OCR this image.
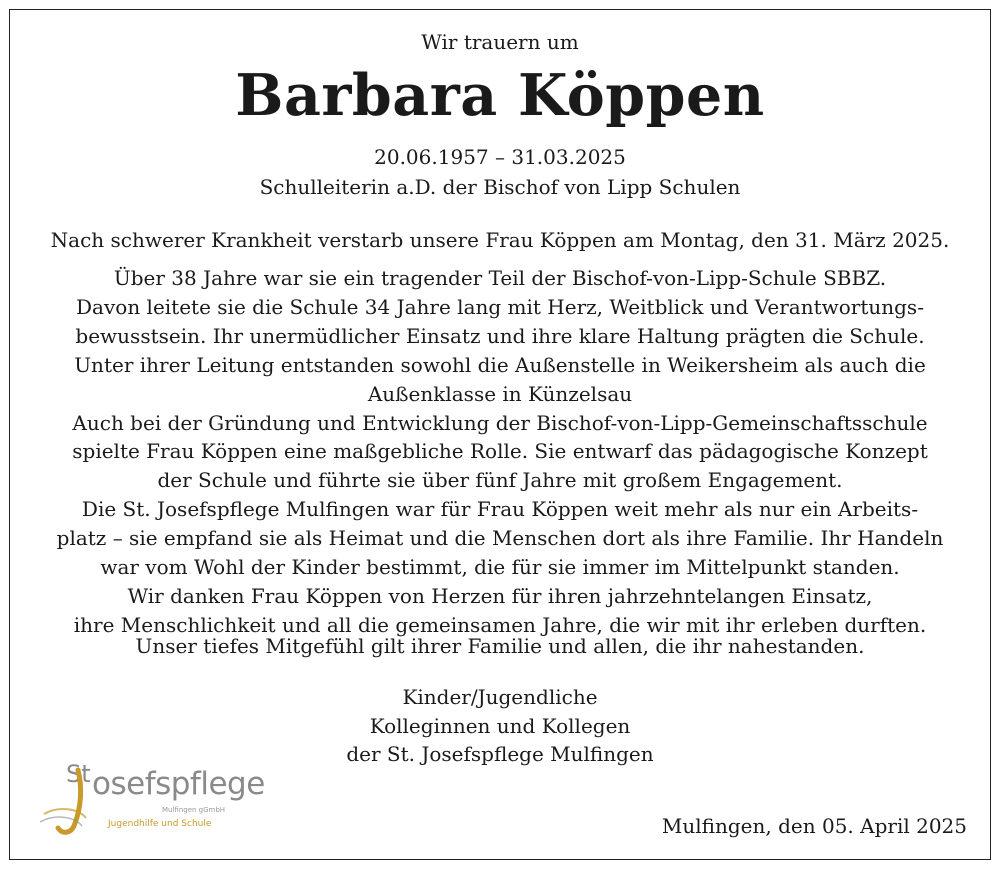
Wir trauern um
Barbara Köppen
20.06.1957 – 31.03.2025
Schulleiterin a.D. der Bischof von Lipp Schulen
Nach schwerer Krankheit verstarb unsere Frau Köppen am Montag, den 31. März 2025.
Über 38 Jahre war sie ein tragender Teil der Bischof-von-Lipp-Schule SBBZ.
Davon leitete sie die Schule 34 Jahre lang mit Herz, Weitblick und Verantwortungs-
bewusstsein. Ihr unermüdlicher Einsatz und ihre klare Haltung prägten die Schule.
Unter ihrer Leitung entstanden sowohl die Außenstelle in Weikersheim als auch die
Außenklasse in Künzelsau
Auch bei der Gründung und Entwicklung der Bischof-von-Lipp-Gemeinschaftsschule
spielte Frau Köppen eine maßgebliche Rolle. Sie entwarf das pädagogische Konzept
der Schule und führte sie über fünf Jahre mit großem Engagement.
Die St. Josefspflege Mulfingen war für Frau Köppen weit mehr als nur ein Arbeits-
platz – sie empfand sie als Heimat und die Menschen dort als ihre Familie. Ihr Handeln
war vom Wohl der Kinder bestimmt, die für sie immer im Mittelpunkt standen.
Wir danken Frau Köppen von Herzen für ihren jahrzehntelangen Einsatz,
ihre Menschlichkeit und all die gemeinsamen Jahre, die wir mit ihr erleben durften.
Unser tiefes Mitgefühl gilt ihrer Familie und allen, die ihr nahestanden.
Kinder/Jugendliche
Kolleginnen und Kollegen
der St. Josefspflege Mulfingen
St osefspflege
Mulfingen gGmbH
Jugendhilfe und Schule	Mulfingen, den 05. April 2025
